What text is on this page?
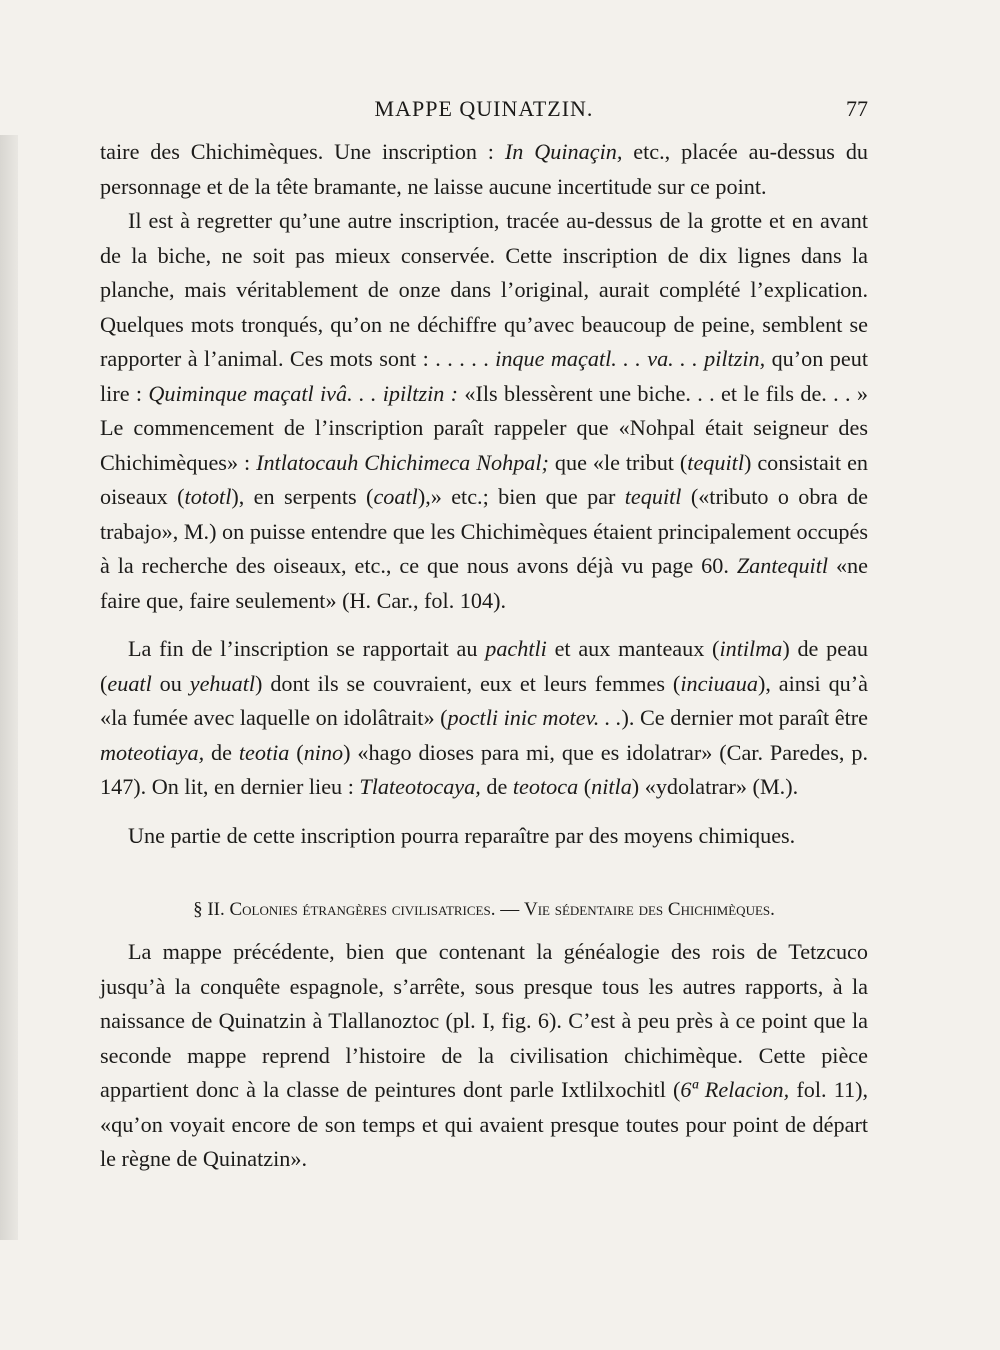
MAPPE QUINATZIN.	77

taire des Chichimèques. Une inscription : In Quinaçin, etc., placée au-dessus du personnage et de la tête bramante, ne laisse aucune incertitude sur ce point.

Il est à regretter qu’une autre inscription, tracée au-dessus de la grotte et en avant de la biche, ne soit pas mieux conservée. Cette inscription de dix lignes dans la planche, mais véritablement de onze dans l’original, aurait complété l’explication. Quelques mots tronqués, qu’on ne déchiffre qu’avec beaucoup de peine, semblent se rapporter à l’animal. Ces mots sont : . . . . . inque maçatl. . . va. . . piltzin, qu’on peut lire : Quiminque maçatl ivâ. . . ipiltzin : «Ils blessèrent une biche. . . et le fils de. . . » Le commencement de l’inscription paraît rappeler que «Nohpal était seigneur des Chichimèques» : Intlatocauh Chichimeca Nohpal; que «le tribut (tequitl) consistait en oiseaux (tototl), en serpents (coatl),» etc.; bien que par tequitl («tributo o obra de trabajo», M.) on puisse entendre que les Chichimèques étaient principalement occupés à la recherche des oiseaux, etc., ce que nous avons déjà vu page 60. Zantequitl «ne faire que, faire seulement» (H. Car., fol. 104).

La fin de l’inscription se rapportait au pachtli et aux manteaux (intilma) de peau (euatl ou yehuatl) dont ils se couvraient, eux et leurs femmes (inciuaua), ainsi qu’à «la fumée avec laquelle on idolâtrait» (poctli inic motev. . .). Ce dernier mot paraît être moteotiaya, de teotia (nino) «hago dioses para mi, que es idolatrar» (Car. Paredes, p. 147). On lit, en dernier lieu : Tlateotocaya, de teotoca (nitla) «ydolatrar» (M.).

Une partie de cette inscription pourra reparaître par des moyens chimiques.

§ II. Colonies étrangères civilisatrices. — Vie sédentaire des Chichimèques.

La mappe précédente, bien que contenant la généalogie des rois de Tetzcuco jusqu’à la conquête espagnole, s’arrête, sous presque tous les autres rapports, à la naissance de Quinatzin à Tlallanoztoc (pl. I, fig. 6). C’est à peu près à ce point que la seconde mappe reprend l’histoire de la civilisation chichimèque. Cette pièce appartient donc à la classe de peintures dont parle Ixtlilxochitl (6ª Relacion, fol. 11), «qu’on voyait encore de son temps et qui avaient presque toutes pour point de départ le règne de Quinatzin».
